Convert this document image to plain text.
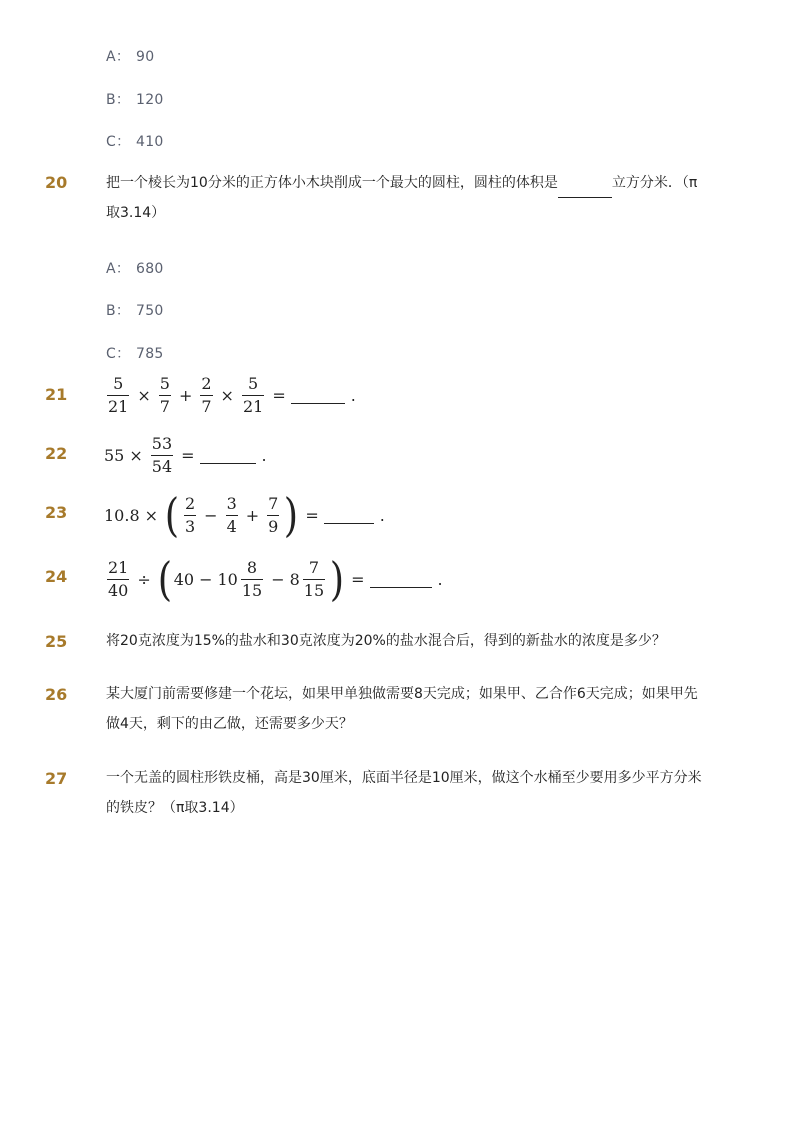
A： 90
B： 120
C： 410
20	把一个棱长为10分米的正方体小木块削成一个最大的圆柱，圆柱的体积是	立方分米．（π
取3.14）
A： 680
B： 750
C： 785
$21 \frac{5}{21} \times \frac{5}{7} + \frac{2}{7} \times \frac{5}{21}$ =	.
22 $55 \times \frac{53}{54}$ =	.
23 10.8 × ( $\frac{2}{3} - \frac{3}{4} + \frac{7}{9}$ ) =	.
$24 \frac{21}{40}$ ÷ ( $40 - 10 \frac{8}{15} - 8 \frac{7}{15}$ ) =	.
25	将20克浓度为15%的盐水和30克浓度为20%的盐水混合后，得到的新盐水的浓度是多少？
26	某大厦门前需要修建一个花坛，如果甲单独做需要8天完成；如果甲、乙合作6天完成；如果甲先
做4天，剩下的由乙做，还需要多少天？
27	一个无盖的圆柱形铁皮桶，高是30厘米，底面半径是10厘米，做这个水桶至少要用多少平方分米
的铁皮？（π取3.14）
